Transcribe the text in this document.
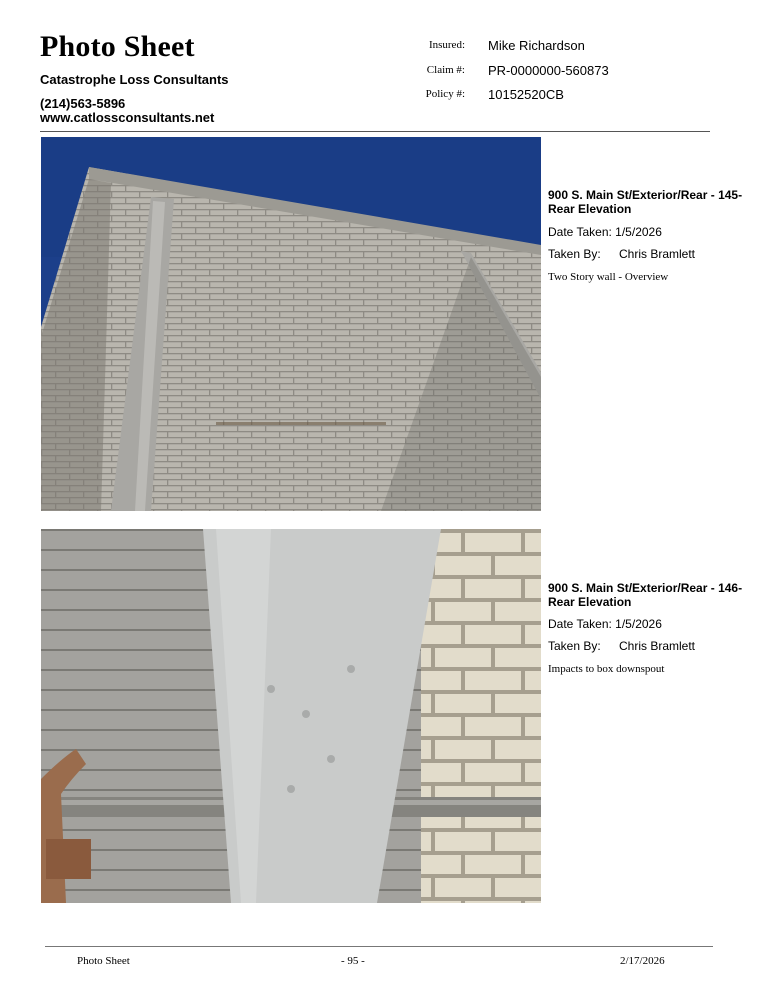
Photo Sheet
Catastrophe Loss Consultants
(214)563-5896
www.catlossconsultants.net
Insured: Mike Richardson
Claim #: PR-0000000-560873
Policy #: 10152520CB
900 S. Main St/Exterior/Rear - 145-Rear Elevation
Date Taken: 1/5/2026
Taken By: Chris Bramlett
Two Story wall - Overview
900 S. Main St/Exterior/Rear - 146-Rear Elevation
Date Taken: 1/5/2026
Taken By: Chris Bramlett
Impacts to box downspout
Photo Sheet	- 95 -	2/17/2026
